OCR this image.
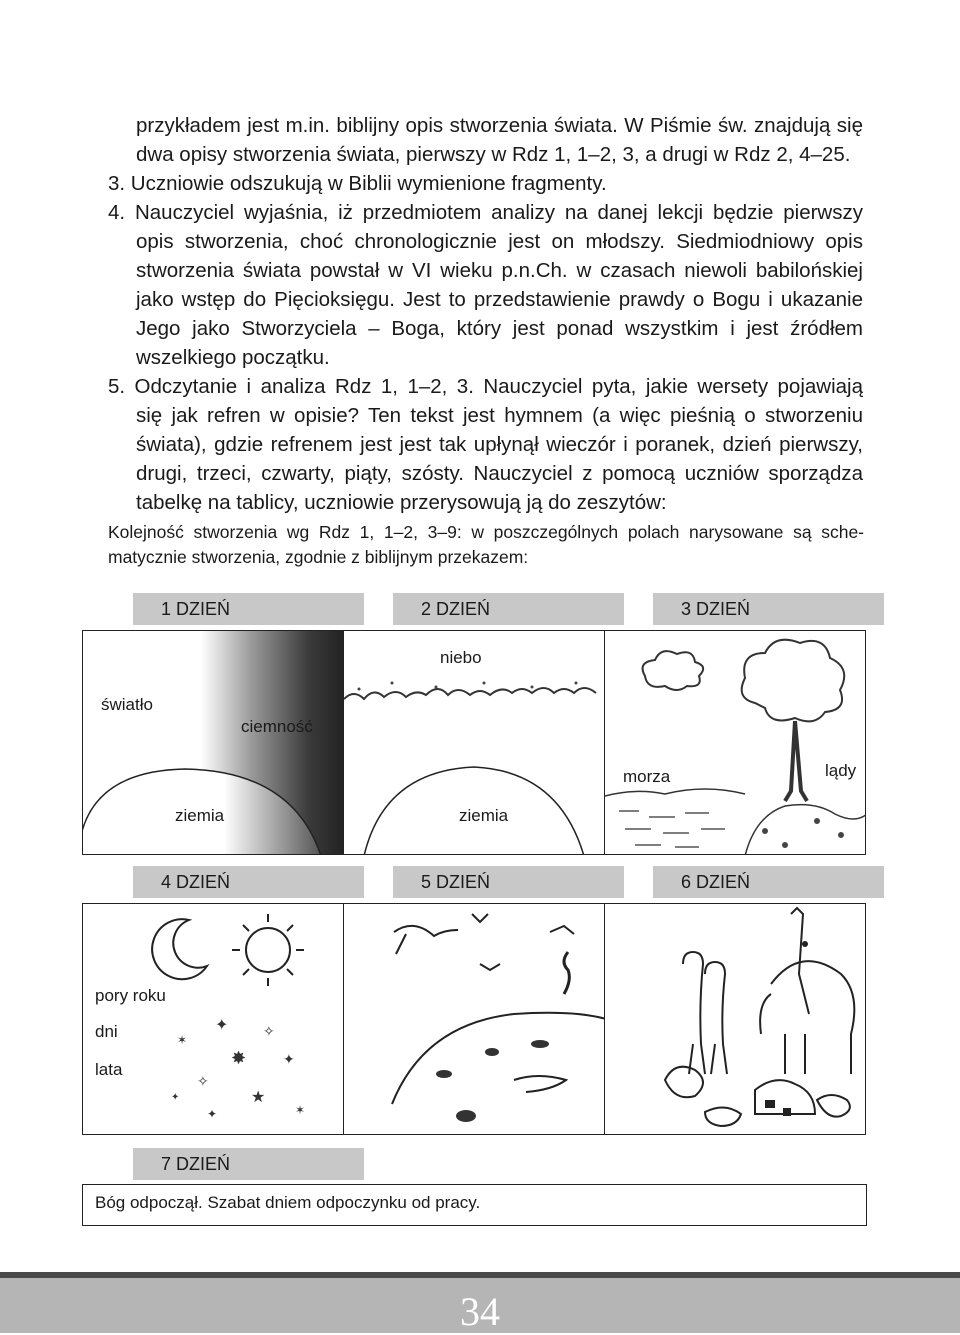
przykładem jest m.in. biblijny opis stworzenia świata. W Piśmie św. znajdują się
dwa opisy stworzenia świata, pierwszy w Rdz 1, 1–2, 3, a drugi w Rdz 2, 4–25.
3. Uczniowie odszukują w Biblii wymienione fragmenty.
4. Nauczyciel wyjaśnia, iż przedmiotem analizy na danej lekcji będzie pierwszy
opis stworzenia, choć chronologicznie jest on młodszy. Siedmiodniowy opis
stworzenia świata powstał w VI wieku p.n.Ch. w czasach niewoli babilońskiej
jako wstęp do Pięcioksięgu. Jest to przedstawienie prawdy o Bogu i ukazanie
Jego jako Stworzyciela – Boga, który jest ponad wszystkim i jest źródłem
wszelkiego początku.
5. Odczytanie i analiza Rdz 1, 1–2, 3. Nauczyciel pyta, jakie wersety pojawiają
się jak refren w opisie? Ten tekst jest hymnem (a więc pieśnią o stworzeniu
świata), gdzie refrenem jest jest tak upłynął wieczór i poranek, dzień pierwszy,
drugi, trzeci, czwarty, piąty, szósty. Nauczyciel z pomocą uczniów sporządza
tabelkę na tablicy, uczniowie przerysowują ją do zeszytów:
Kolejność stworzenia wg Rdz 1, 1–2, 3–9: w poszczególnych polach narysowane są sche-
matycznie stworzenia, zgodnie z biblijnym przekazem:
1 DZIEŃ	2 DZIEŃ	3 DZIEŃ
światło
ciemność
ziemia
niebo
ziemia
morza	lądy
4 DZIEŃ	5 DZIEŃ	6 DZIEŃ
✦ ✧
✶
✸	✦
✧
★
✦	✶
✦
pory roku
dni
lata
7 DZIEŃ
Bóg odpoczął. Szabat dniem odpoczynku od pracy.
34
